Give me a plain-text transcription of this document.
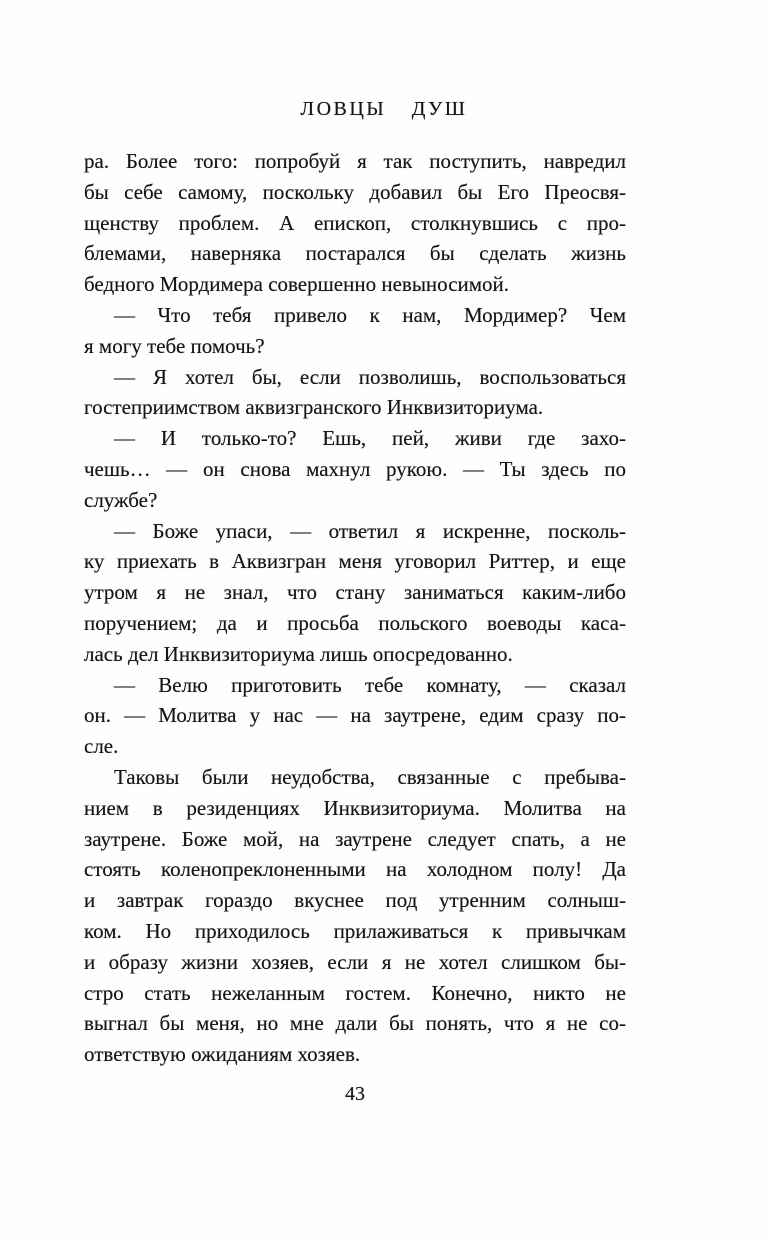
ЛОВЦЫ ДУШ

ра. Более того: попробуй я так поступить, навредил
бы себе самому, поскольку добавил бы Его Преосвя-
щенству проблем. А епископ, столкнувшись с про-
блемами, наверняка постарался бы сделать жизнь
бедного Мордимера совершенно невыносимой.

— Что тебя привело к нам, Мордимер? Чем
я могу тебе помочь?

— Я хотел бы, если позволишь, воспользоваться
гостеприимством аквизгранского Инквизиториума.

— И только-то? Ешь, пей, живи где захо-
чешь… — он снова махнул рукою. — Ты здесь по
службе?

— Боже упаси, — ответил я искренне, посколь-
ку приехать в Аквизгран меня уговорил Риттер, и еще
утром я не знал, что стану заниматься каким-либо
поручением; да и просьба польского воеводы каса-
лась дел Инквизиториума лишь опосредованно.

— Велю приготовить тебе комнату, — сказал
он. — Молитва у нас — на заутрене, едим сразу по-
сле.

Таковы были неудобства, связанные с пребыва-
нием в резиденциях Инквизиториума. Молитва на
заутрене. Боже мой, на заутрене следует спать, а не
стоять коленопреклоненными на холодном полу! Да
и завтрак гораздо вкуснее под утренним солныш-
ком. Но приходилось прилаживаться к привычкам
и образу жизни хозяев, если я не хотел слишком бы-
стро стать нежеланным гостем. Конечно, никто не
выгнал бы меня, но мне дали бы понять, что я не со-
ответствую ожиданиям хозяев.

43
